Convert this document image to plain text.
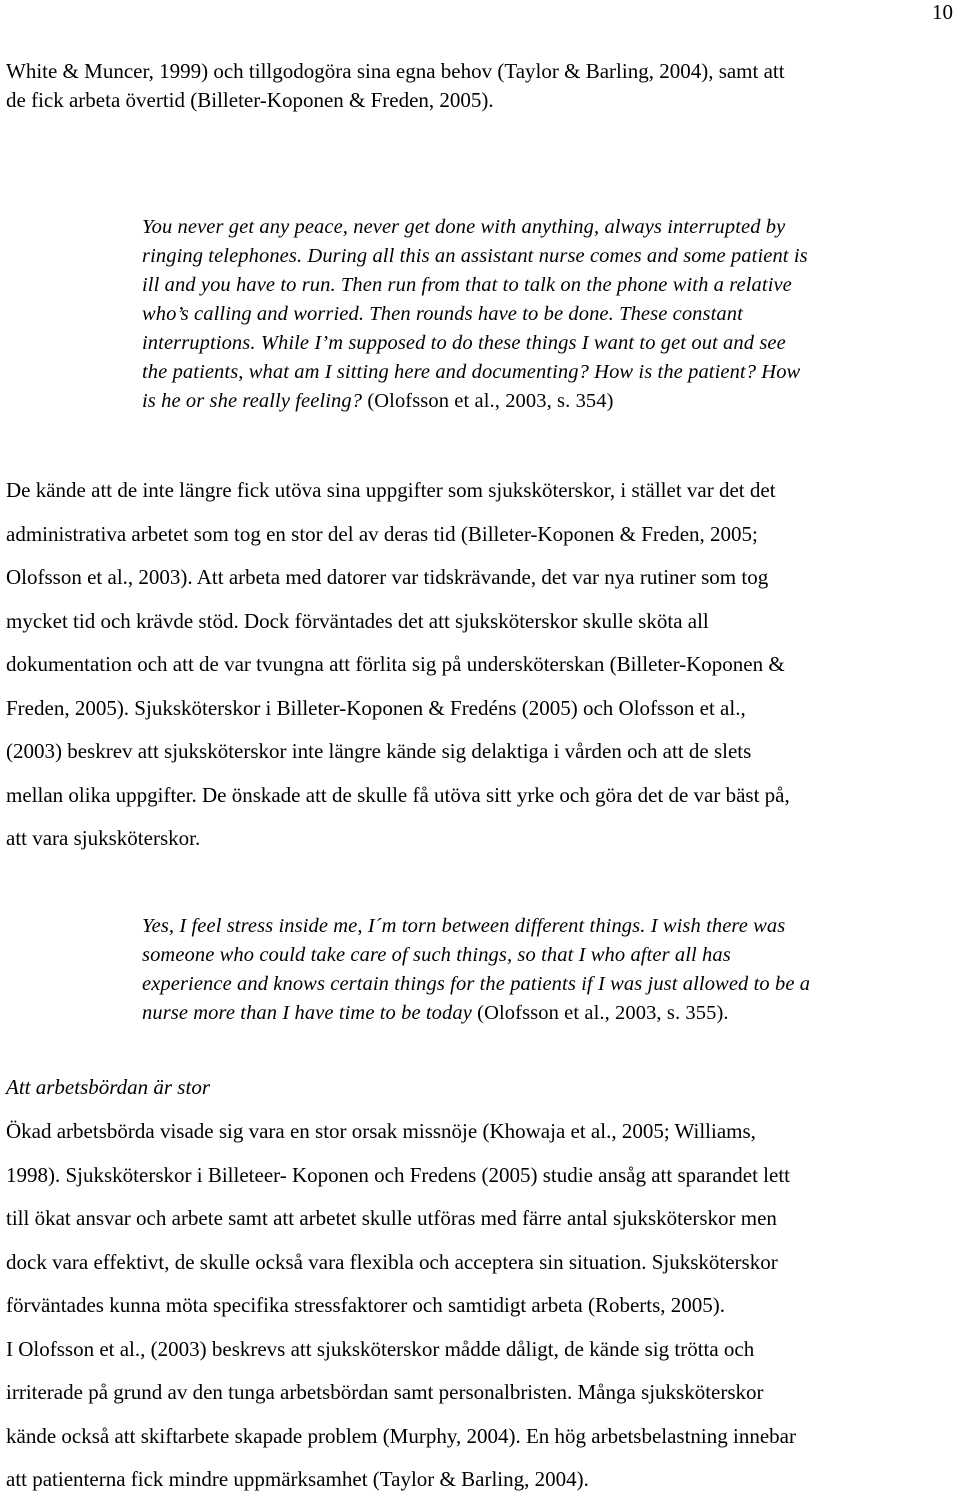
10
White & Muncer, 1999) och tillgodogöra sina egna behov (Taylor & Barling, 2004), samt att
de fick arbeta övertid (Billeter-Koponen & Freden, 2005).
You never get any peace, never get done with anything, always interrupted by
ringing telephones. During all this an assistant nurse comes and some patient is
ill and you have to run. Then run from that to talk on the phone with a relative
who’s calling and worried. Then rounds have to be done. These constant
interruptions. While I’m supposed to do these things I want to get out and see
the patients, what am I sitting here and documenting? How is the patient? How
is he or she really feeling? (Olofsson et al., 2003, s. 354)
De kände att de inte längre fick utöva sina uppgifter som sjuksköterskor, i stället var det det
administrativa arbetet som tog en stor del av deras tid (Billeter-Koponen & Freden, 2005;
Olofsson et al., 2003). Att arbeta med datorer var tidskrävande, det var nya rutiner som tog
mycket tid och krävde stöd. Dock förväntades det att sjuksköterskor skulle sköta all
dokumentation och att de var tvungna att förlita sig på undersköterskan (Billeter-Koponen &
Freden, 2005). Sjuksköterskor i Billeter-Koponen & Fredéns (2005) och Olofsson et al.,
(2003) beskrev att sjuksköterskor inte längre kände sig delaktiga i vården och att de slets
mellan olika uppgifter. De önskade att de skulle få utöva sitt yrke och göra det de var bäst på,
att vara sjuksköterskor.
Yes, I feel stress inside me, I´m torn between different things. I wish there was
someone who could take care of such things, so that I who after all has
experience and knows certain things for the patients if I was just allowed to be a
nurse more than I have time to be today (Olofsson et al., 2003, s. 355).
Att arbetsbördan är stor
Ökad arbetsbörda visade sig vara en stor orsak missnöje (Khowaja et al., 2005; Williams,
1998). Sjuksköterskor i Billeteer- Koponen och Fredens (2005) studie ansåg att sparandet lett
till ökat ansvar och arbete samt att arbetet skulle utföras med färre antal sjuksköterskor men
dock vara effektivt, de skulle också vara flexibla och acceptera sin situation. Sjuksköterskor
förväntades kunna möta specifika stressfaktorer och samtidigt arbeta (Roberts, 2005).
I Olofsson et al., (2003) beskrevs att sjuksköterskor mådde dåligt, de kände sig trötta och
irriterade på grund av den tunga arbetsbördan samt personalbristen. Många sjuksköterskor
kände också att skiftarbete skapade problem (Murphy, 2004). En hög arbetsbelastning innebar
att patienterna fick mindre uppmärksamhet (Taylor & Barling, 2004).
